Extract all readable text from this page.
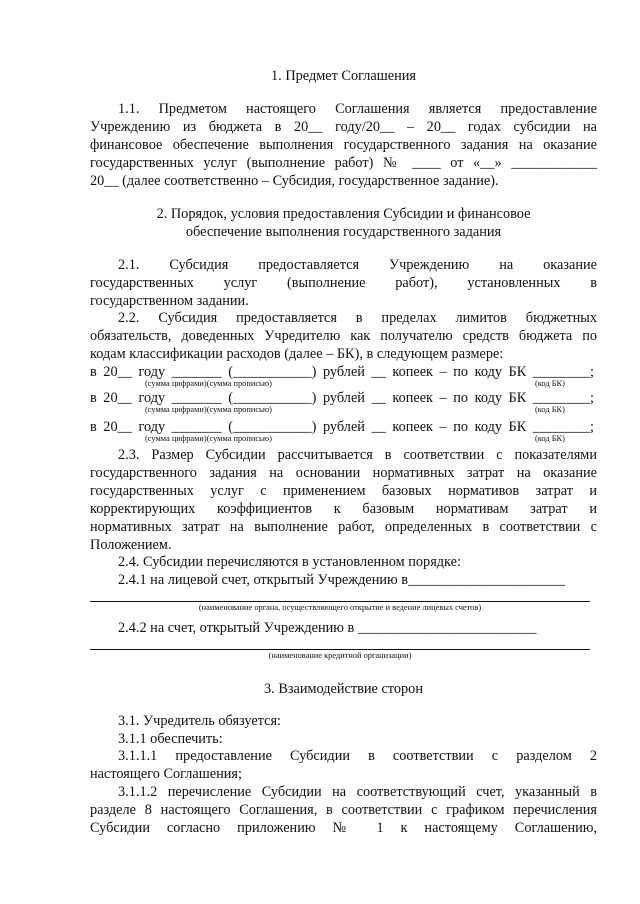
1. Предмет Соглашения
1.1. Предметом настоящего Соглашения является предоставление
Учреждению из бюджета в 20__ году/20__ – 20__ годах субсидии на
финансовое обеспечение выполнения государственного задания на оказание
государственных услуг (выполнение работ) № ____ от «__» ____________
20__ (далее соответственно – Субсидия, государственное задание).
2. Порядок, условия предоставления Субсидии и финансовое
обеспечение выполнения государственного задания
2.1. Субсидия предоставляется Учреждению на оказание
государственных услуг (выполнение работ), установленных в
государственном задании.
2.2. Субсидия предоставляется в пределах лимитов бюджетных
обязательств, доведенных Учредителю как получателю средств бюджета по
кодам классификации расходов (далее – БК), в следующем размере:
в 20__ году _______ (___________) рублей __ копеек – по коду БК ________;
(сумма цифрами)(сумма прописью)	(код БК)
в 20__ году _______ (___________) рублей __ копеек – по коду БК ________;
(сумма цифрами)(сумма прописью)	(код БК)
в 20__ году _______ (___________) рублей __ копеек – по коду БК ________;
(сумма цифрами)(сумма прописью)	(код БК)
2.3. Размер Субсидии рассчитывается в соответствии с показателями
государственного задания на основании нормативных затрат на оказание
государственных услуг с применением базовых нормативов затрат и
корректирующих коэффициентов к базовым нормативам затрат и
нормативных затрат на выполнение работ, определенных в соответствии с
Положением.
2.4. Субсидии перечисляются в установленном порядке:
2.4.1 на лицевой счет, открытый Учреждению в______________________
(наименование органа, осуществляющего открытие и ведение лицевых счетов)
2.4.2 на счет, открытый Учреждению в _________________________
(наименование кредитной организации)
3. Взаимодействие сторон
3.1. Учредитель обязуется:
3.1.1 обеспечить:
3.1.1.1 предоставление Субсидии в соответствии с разделом 2
настоящего Соглашения;
3.1.1.2 перечисление Субсидии на соответствующий счет, указанный в
разделе 8 настоящего Соглашения, в соответствии с графиком перечисления
Субсидии согласно приложению № 1 к настоящему Соглашению,
